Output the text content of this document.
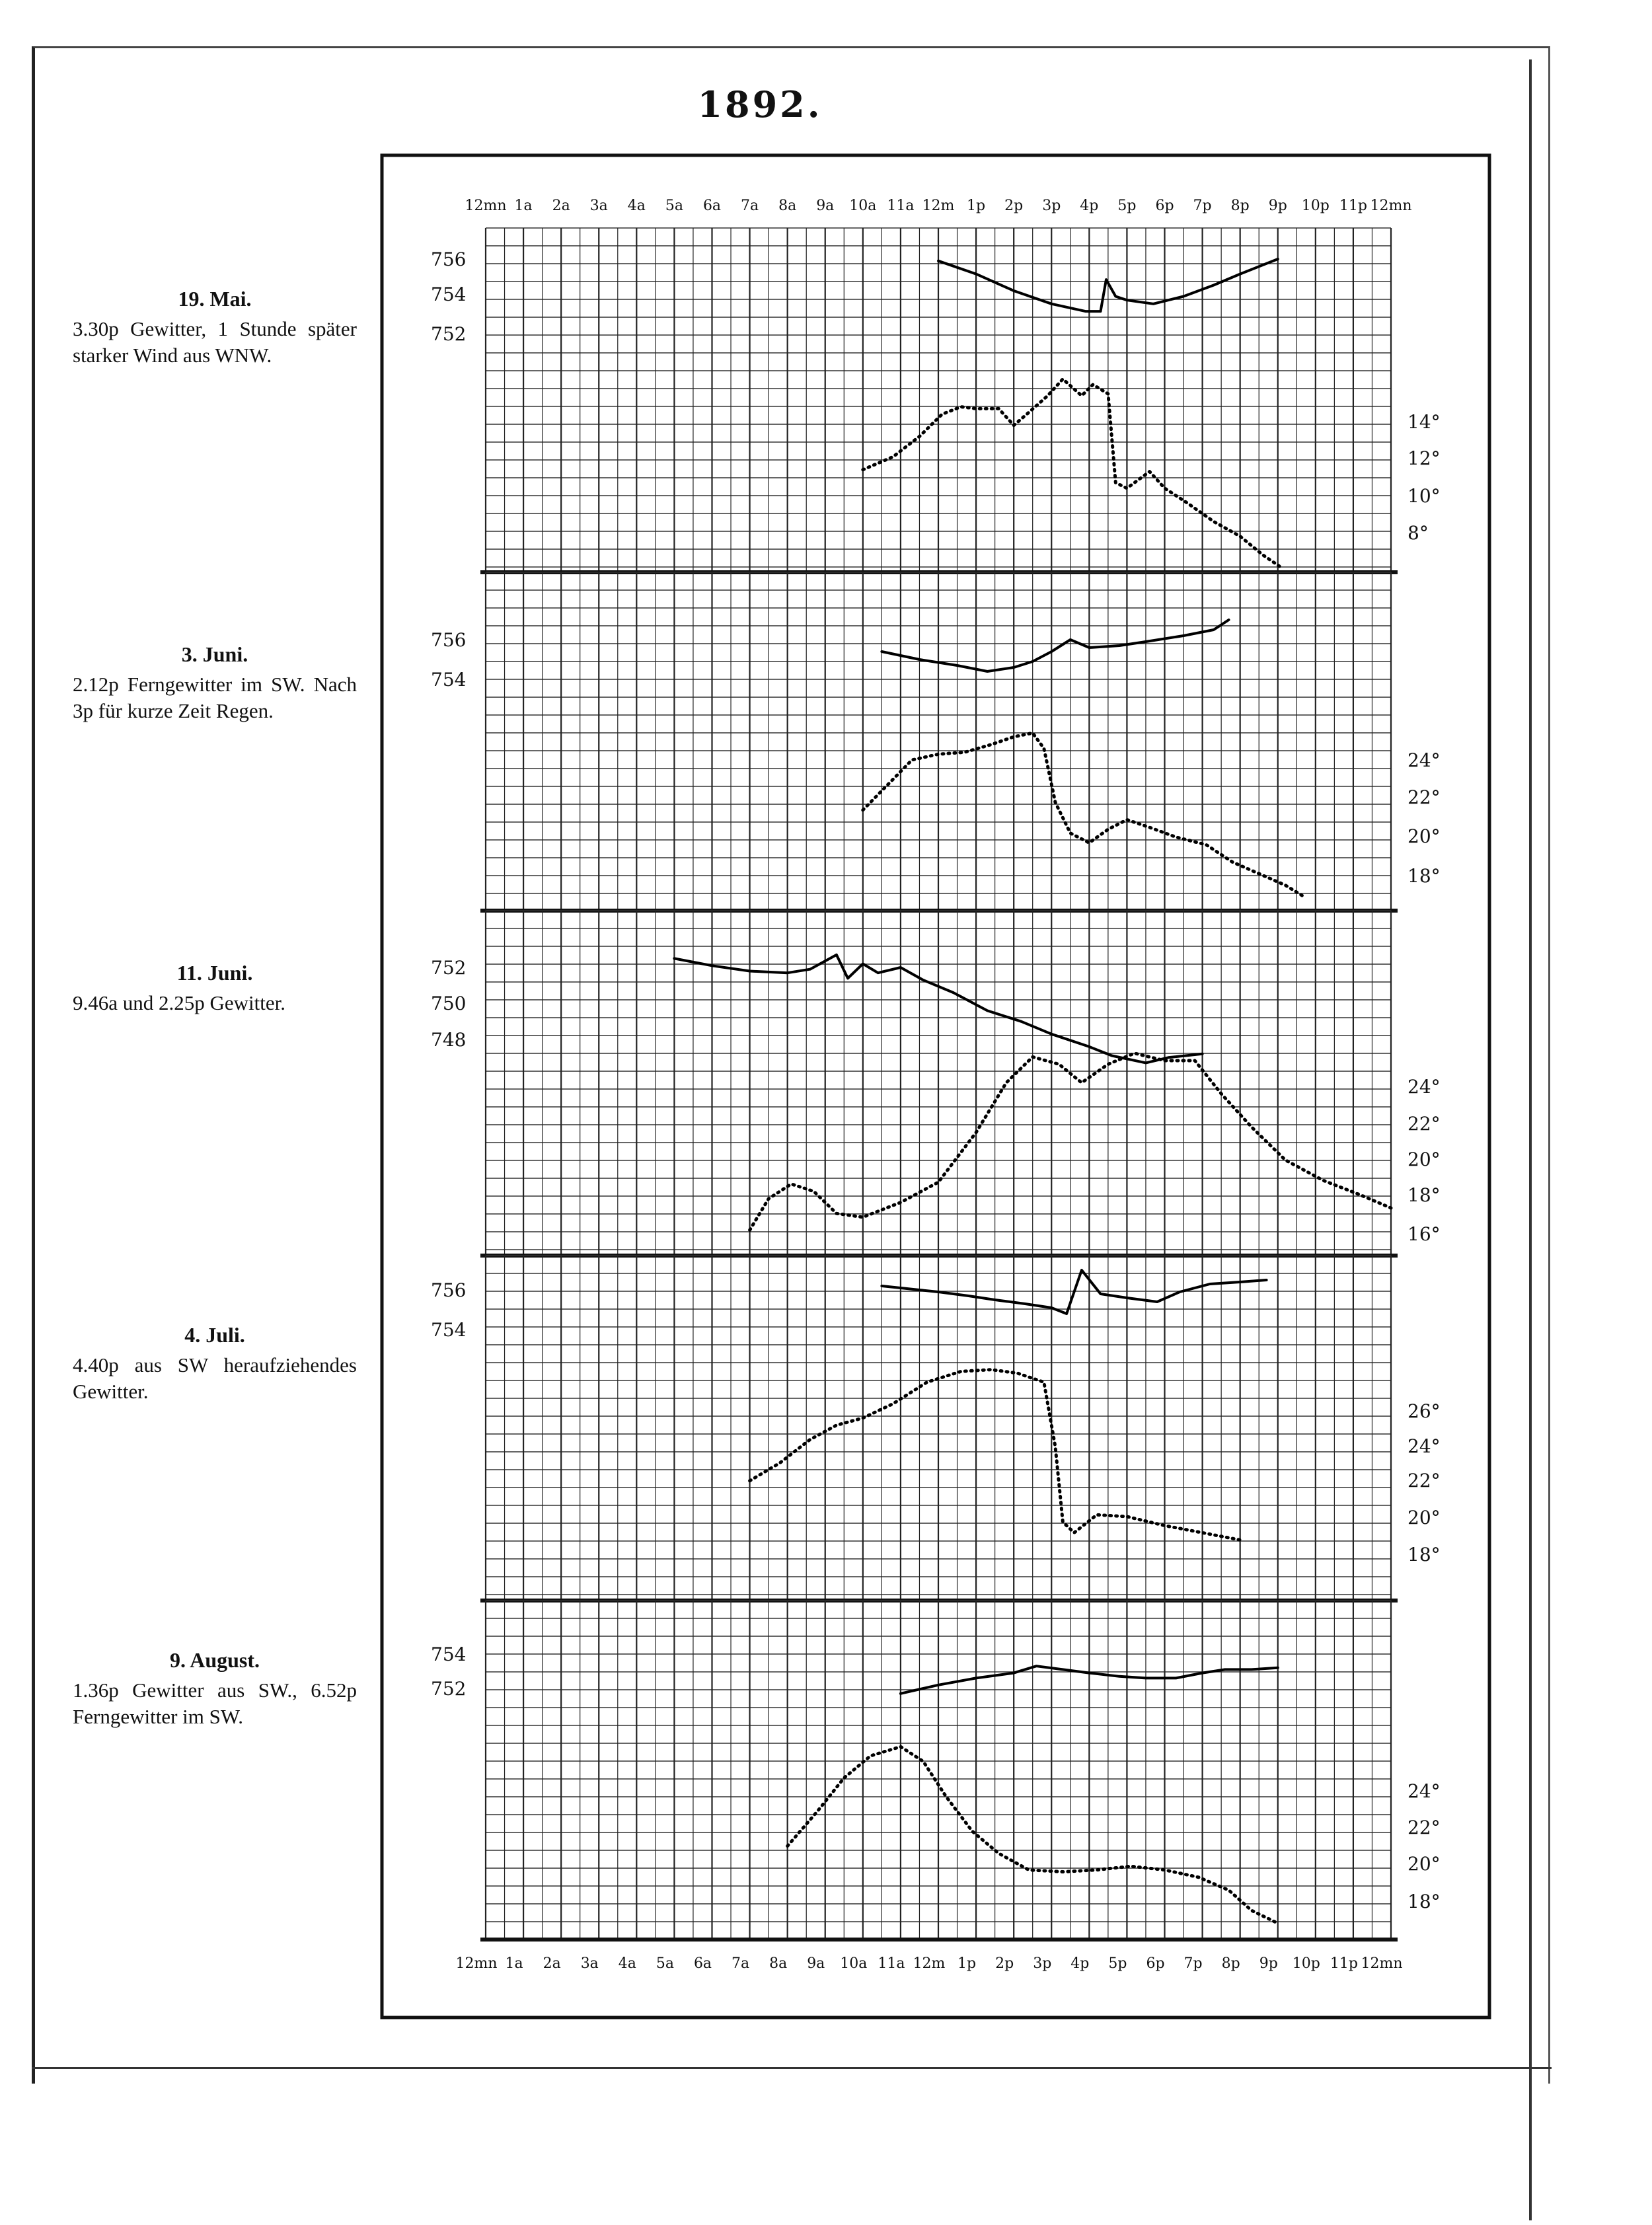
1892.
19. Mai.
3.30p Gewitter, 1 Stunde später starker Wind aus WNW.
3. Juni.
2.12p Ferngewitter im SW. Nach 3p für kurze Zeit Regen.
11. Juni.
9.46a und 2.25p Gewitter.
4. Juli.
4.40p aus SW heraufziehendes Gewitter.
9. August.
1.36p Gewitter aus SW., 6.52p Ferngewitter im SW.
12mn
12mn
1a
1a
2a
2a
3a
3a
4a
4a
5a
5a
6a
6a
7a
7a
8a
8a
9a
9a
10a
10a
11a
11a
12m
12m
1p
1p
2p
2p
3p
3p
4p
4p
5p
5p
6p
6p
7p
7p
8p
8p
9p
9p
10p
10p
11p
11p
12mn
12mn
756
754
752
14°
12°
10°
8°
756
754
24°
22°
20°
18°
752
750
748
24°
22°
20°
18°
16°
756
754
26°
24°
22°
20°
18°
754
752
24°
22°
20°
18°
